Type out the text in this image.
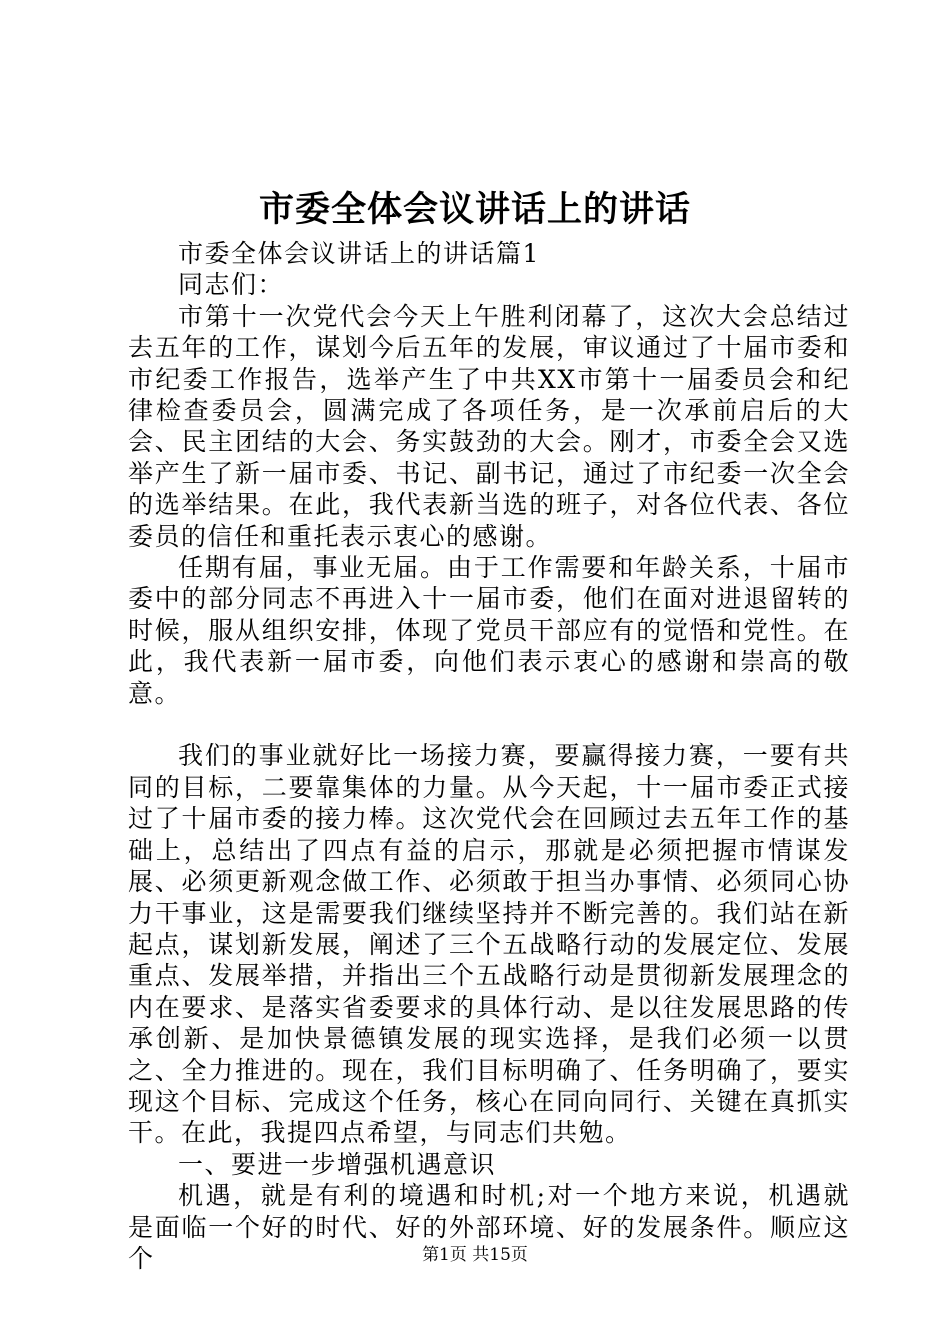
市委全体会议讲话上的讲话

市委全体会议讲话上的讲话篇1

同志们：

市第十一次党代会今天上午胜利闭幕了，这次大会总结过去五年的工作，谋划今后五年的发展，审议通过了十届市委和市纪委工作报告，选举产生了中共XX市第十一届委员会和纪律检查委员会，圆满完成了各项任务，是一次承前启后的大会、民主团结的大会、务实鼓劲的大会。刚才，市委全会又选举产生了新一届市委、书记、副书记，通过了市纪委一次全会的选举结果。在此，我代表新当选的班子，对各位代表、各位委员的信任和重托表示衷心的感谢。

任期有届，事业无届。由于工作需要和年龄关系，十届市委中的部分同志不再进入十一届市委，他们在面对进退留转的时候，服从组织安排，体现了党员干部应有的觉悟和党性。在此，我代表新一届市委，向他们表示衷心的感谢和崇高的敬意。

我们的事业就好比一场接力赛，要赢得接力赛，一要有共同的目标，二要靠集体的力量。从今天起，十一届市委正式接过了十届市委的接力棒。这次党代会在回顾过去五年工作的基础上，总结出了四点有益的启示，那就是必须把握市情谋发展、必须更新观念做工作、必须敢于担当办事情、必须同心协力干事业，这是需要我们继续坚持并不断完善的。我们站在新起点，谋划新发展，阐述了三个五战略行动的发展定位、发展重点、发展举措，并指出三个五战略行动是贯彻新发展理念的内在要求、是落实省委要求的具体行动、是以往发展思路的传承创新、是加快景德镇发展的现实选择，是我们必须一以贯之、全力推进的。现在，我们目标明确了、任务明确了，要实现这个目标、完成这个任务，核心在同向同行、关键在真抓实干。在此，我提四点希望，与同志们共勉。

一、要进一步增强机遇意识

机遇，就是有利的境遇和时机;对一个地方来说，机遇就是面临一个好的时代、好的外部环境、好的发展条件。顺应这个	第1页 共15页
